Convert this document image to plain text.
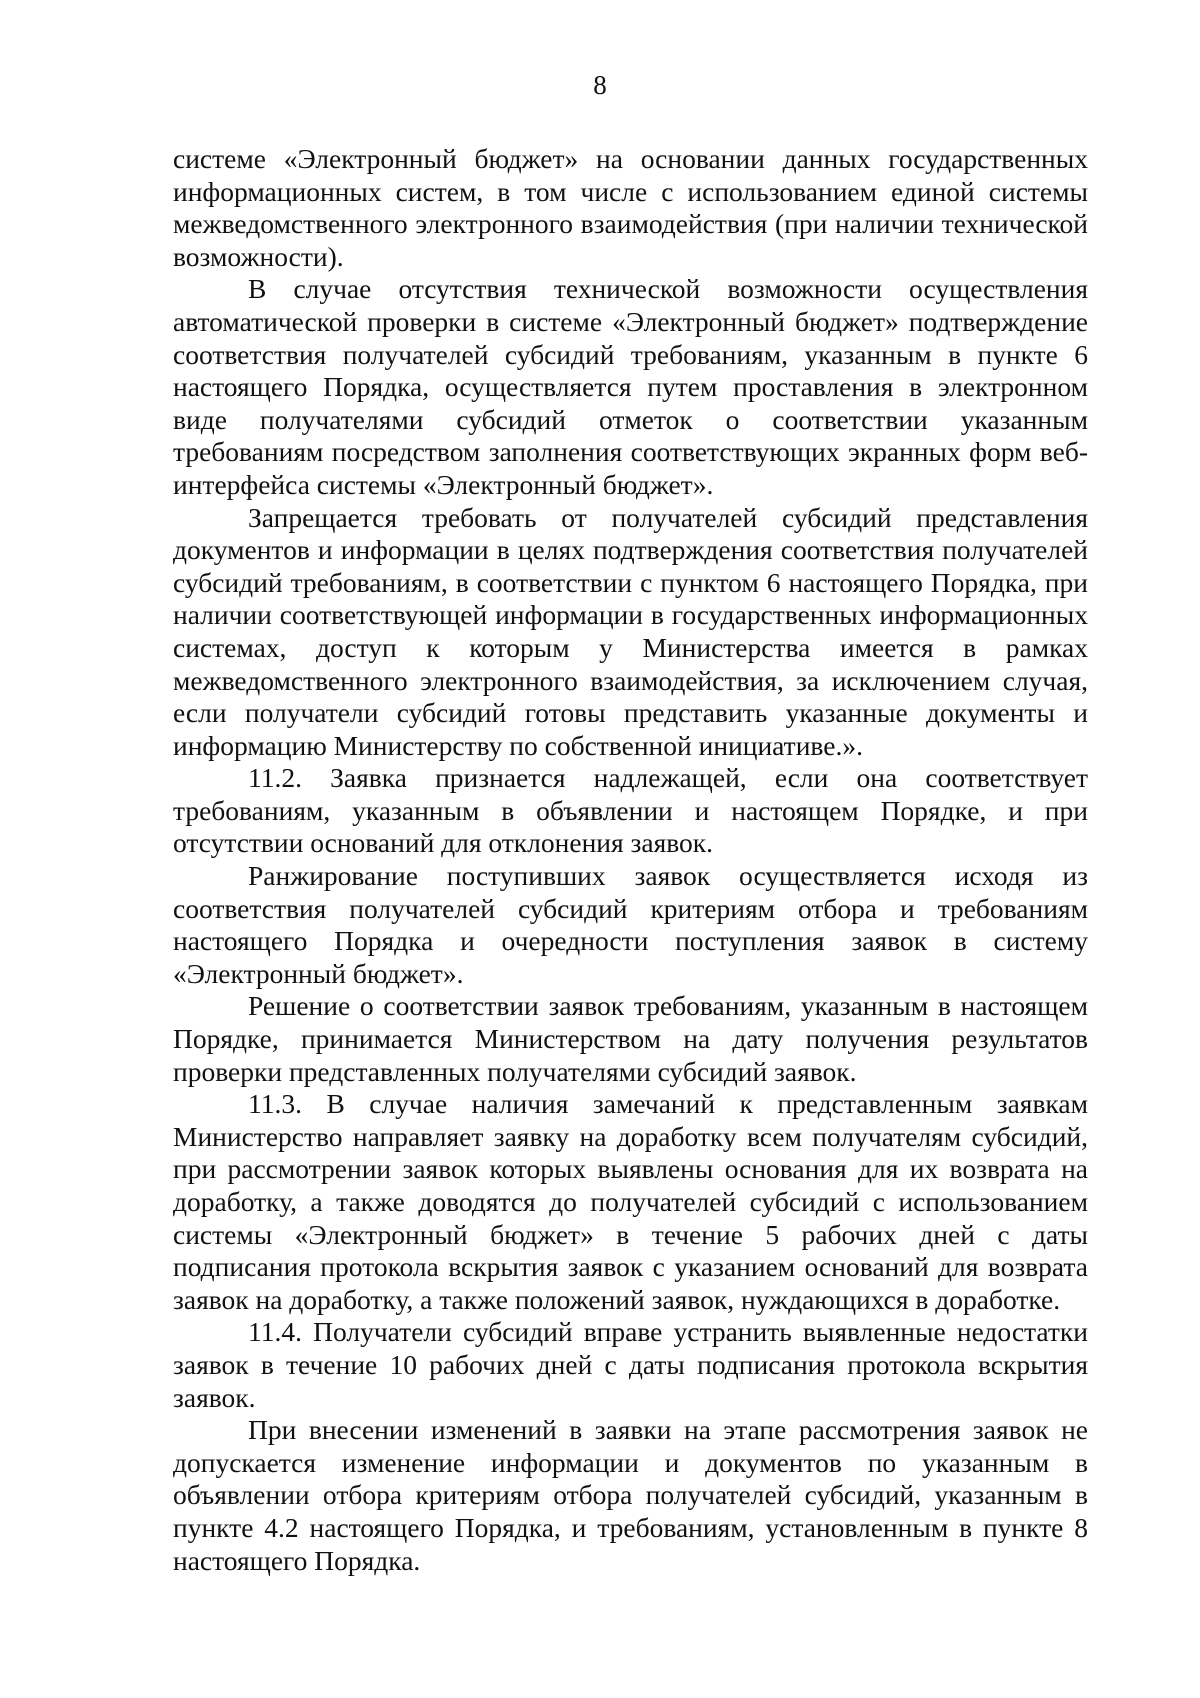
8

системе «Электронный бюджет» на основании данных государственных информационных систем, в том числе с использованием единой системы межведомственного электронного взаимодействия (при наличии технической возможности).

В случае отсутствия технической возможности осуществления автоматической проверки в системе «Электронный бюджет» подтверждение соответствия получателей субсидий требованиям, указанным в пункте 6 настоящего Порядка, осуществляется путем проставления в электронном виде получателями субсидий отметок о соответствии указанным требованиям посредством заполнения соответствующих экранных форм веб-интерфейса системы «Электронный бюджет».

Запрещается требовать от получателей субсидий представления документов и информации в целях подтверждения соответствия получателей субсидий требованиям, в соответствии с пунктом 6 настоящего Порядка, при наличии соответствующей информации в государственных информационных системах, доступ к которым у Министерства имеется в рамках межведомственного электронного взаимодействия, за исключением случая, если получатели субсидий готовы представить указанные документы и информацию Министерству по собственной инициативе.».

11.2. Заявка признается надлежащей, если она соответствует требованиям, указанным в объявлении и настоящем Порядке, и при отсутствии оснований для отклонения заявок.

Ранжирование поступивших заявок осуществляется исходя из соответствия получателей субсидий критериям отбора и требованиям настоящего Порядка и очередности поступления заявок в систему «Электронный бюджет».

Решение о соответствии заявок требованиям, указанным в настоящем Порядке, принимается Министерством на дату получения результатов проверки представленных получателями субсидий заявок.

11.3. В случае наличия замечаний к представленным заявкам Министерство направляет заявку на доработку всем получателям субсидий, при рассмотрении заявок которых выявлены основания для их возврата на доработку, а также доводятся до получателей субсидий с использованием системы «Электронный бюджет» в течение 5 рабочих дней с даты подписания протокола вскрытия заявок с указанием оснований для возврата заявок на доработку, а также положений заявок, нуждающихся в доработке.

11.4. Получатели субсидий вправе устранить выявленные недостатки заявок в течение 10 рабочих дней с даты подписания протокола вскрытия заявок.

При внесении изменений в заявки на этапе рассмотрения заявок не допускается изменение информации и документов по указанным в объявлении отбора критериям отбора получателей субсидий, указанным в пункте 4.2 настоящего Порядка, и требованиям, установленным в пункте 8 настоящего Порядка.
